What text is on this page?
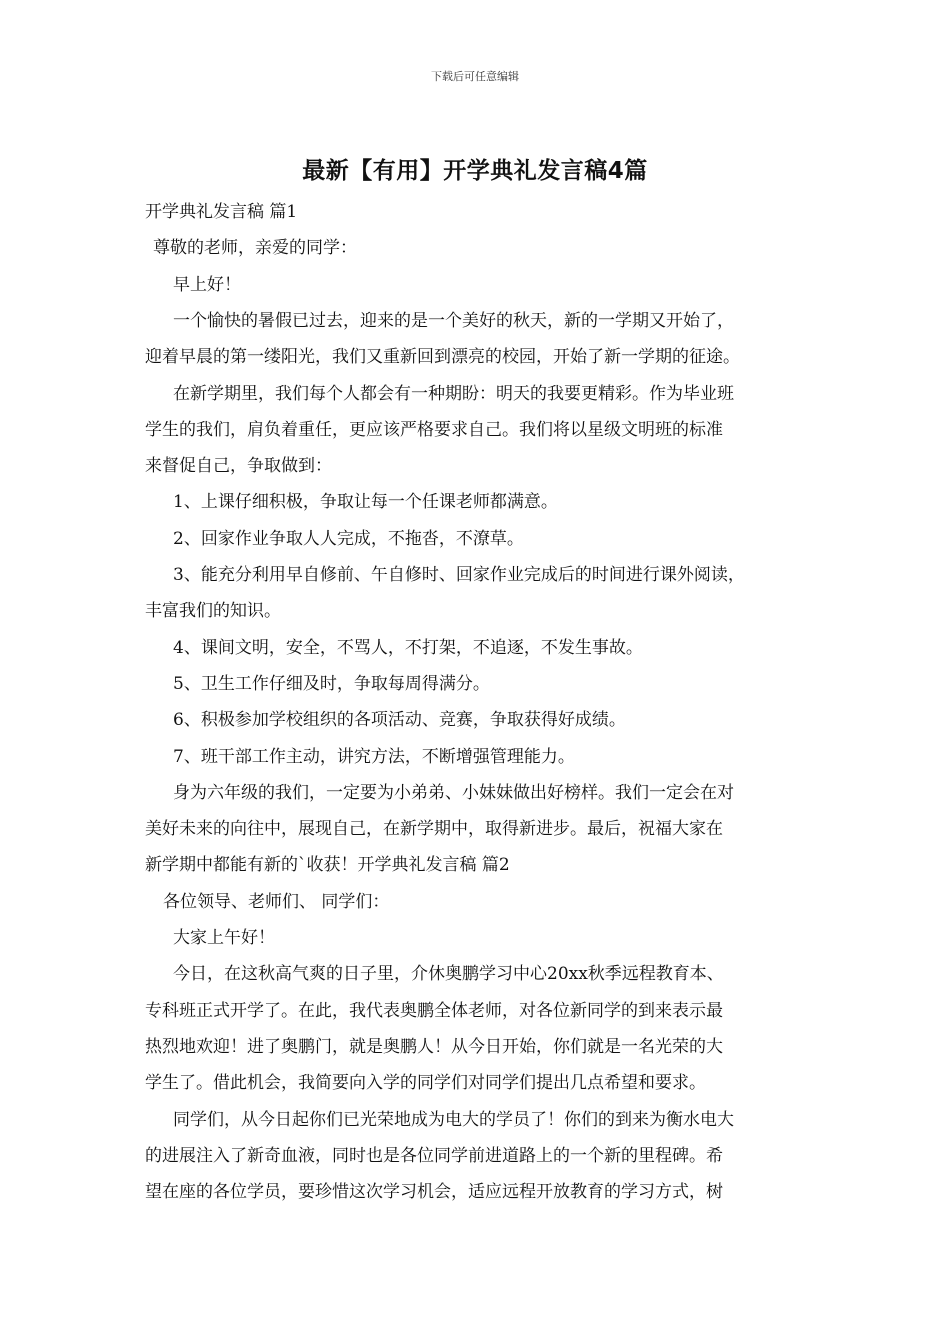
下载后可任意编辑
最新【有用】开学典礼发言稿4篇
开学典礼发言稿 篇1
尊敬的老师，亲爱的同学：
早上好！
一个愉快的暑假已过去，迎来的是一个美好的秋天，新的一学期又开始了，
迎着早晨的第一缕阳光，我们又重新回到漂亮的校园，开始了新一学期的征途。
在新学期里，我们每个人都会有一种期盼：明天的我要更精彩。作为毕业班
学生的我们，肩负着重任，更应该严格要求自己。我们将以星级文明班的标准
来督促自己，争取做到：
1、上课仔细积极，争取让每一个任课老师都满意。
2、回家作业争取人人完成，不拖沓，不潦草。
3、能充分利用早自修前、午自修时、回家作业完成后的时间进行课外阅读，
丰富我们的知识。
4、课间文明，安全，不骂人，不打架，不追逐，不发生事故。
5、卫生工作仔细及时，争取每周得满分。
6、积极参加学校组织的各项活动、竞赛，争取获得好成绩。
7、班干部工作主动，讲究方法，不断增强管理能力。
身为六年级的我们，一定要为小弟弟、小妹妹做出好榜样。我们一定会在对
美好未来的向往中，展现自己，在新学期中，取得新进步。最后，祝福大家在
新学期中都能有新的`收获！开学典礼发言稿 篇2
各位领导、老师们、 同学们：
大家上午好！
今日，在这秋高气爽的日子里，介休奥鹏学习中心20xx秋季远程教育本、
专科班正式开学了。在此，我代表奥鹏全体老师，对各位新同学的到来表示最
热烈地欢迎！进了奥鹏门，就是奥鹏人！从今日开始，你们就是一名光荣的大
学生了。借此机会，我简要向入学的同学们对同学们提出几点希望和要求。
同学们，从今日起你们已光荣地成为电大的学员了！你们的到来为衡水电大
的进展注入了新奇血液，同时也是各位同学前进道路上的一个新的里程碑。希
望在座的各位学员，要珍惜这次学习机会，适应远程开放教育的学习方式，树
